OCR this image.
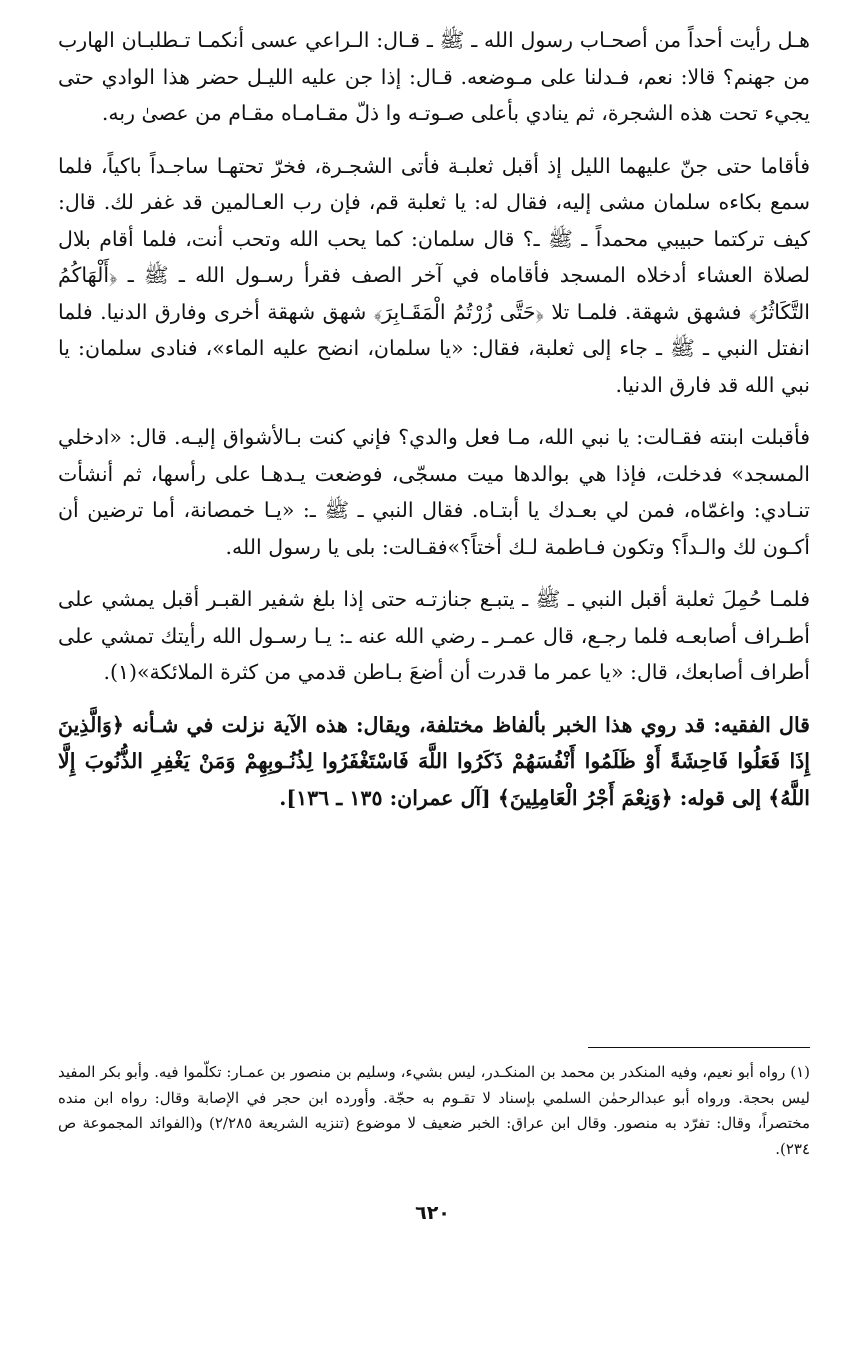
هـل رأيت أحداً من أصحـاب رسول الله ـ ﷺ ـ قـال: الـراعي عسى أنكمـا تـطلبـان الهارب من جهنم؟ قالا: نعم، فـدلنا على مـوضعه. قـال: إذا جن عليه الليـل حضر هذا الوادي حتى يجيء تحت هذه الشجرة، ثم ينادي بأعلى صـوتـه وا ذلّ مقـامـاه مقـام من عصىٰ ربه.

فأقاما حتى جنّ عليهما الليل إذ أقبل ثعلبـة فأتى الشجـرة، فخرّ تحتهـا ساجـداً باكياً، فلما سمع بكاءه سلمان مشى إليه، فقال له: يا ثعلبة قم، فإن رب العـالمين قد غفر لك. قال: كيف تركتما حبيبي محمداً ـ ﷺ ـ؟ قال سلمان: كما يحب الله وتحب أنت، فلما أقام بلال لصلاة العشاء أدخلاه المسجد فأقاماه في آخر الصف فقرأ رسـول الله ـ ﷺ ـ ﴿أَلْهَاكُمُ التَّكَاثُرُ﴾ فشهق شهقة. فلمـا تلا ﴿حَتَّى زُرْتُمُ الْمَقَـابِرَ﴾ شهق شهقة أخرى وفارق الدنيا. فلما انفتل النبي ـ ﷺ ـ جاء إلى ثعلبة، فقال: «يا سلمان، انضح عليه الماء»، فنادى سلمان: يا نبي الله قد فارق الدنيا.

فأقبلت ابنته فقـالت: يا نبي الله، مـا فعل والدي؟ فإني كنت بـالأشواق إليـه. قال: «ادخلي المسجد» فدخلت، فإذا هي بوالدها ميت مسجّى، فوضعت يـدهـا على رأسها، ثم أنشأت تنـادي: واغمّاه، فمن لي بعـدك يا أبتـاه. فقال النبي ـ ﷺ ـ: «يـا خمصانة، أما ترضين أن أكـون لك والـداً؟ وتكون فـاطمة لـك أختاً؟»فقـالت: بلى يا رسول الله.

فلمـا حُمِلَ ثعلبة أقبل النبي ـ ﷺ ـ يتبـع جنازتـه حتى إذا بلغ شفير القبـر أقبل يمشي على أطـراف أصابعـه فلما رجـع، قال عمـر ـ رضي الله عنه ـ: يـا رسـول الله رأيتك تمشي على أطراف أصابعك، قال: «يا عمر ما قدرت أن أضعَ بـاطن قدمي من كثرة الملائكة»(١).

قال الفقيه: قد روي هذا الخبر بألفاظ مختلفة، ويقال: هذه الآية نزلت في شـأنه ﴿وَالَّذِينَ إِذَا فَعَلُوا فَاحِشَةً أَوْ ظَلَمُوا أَنْفُسَهُمْ ذَكَرُوا اللَّهَ فَاسْتَغْفَرُوا لِذُنُـوبِهِمْ وَمَنْ يَغْفِرِ الذُّنُوبَ إِلَّا اللَّهُ﴾ إلى قوله: ﴿وَنِعْمَ أَجْرُ الْعَامِلِينَ﴾ [آل عمران: ١٣٥ ـ ١٣٦].

(١) رواه أبو نعيم، وفيه المنكدر بن محمد بن المنكـدر، ليس بشيء، وسليم بن منصور بن عمـار: تكلّموا فيه. وأبو بكر المفيد ليس بحجة. ورواه أبو عبدالرحمٰن السلمي بإسناد لا تقـوم به حجّة. وأورده ابن حجر في الإصابة وقال: رواه ابن منده مختصراً، وقال: تفرّد به منصور. وقال ابن عراق: الخبر ضعيف لا موضوع (تنزيه الشريعة ٢/٢٨٥) و(الفوائد المجموعة ص ٢٣٤).

٦٢٠
